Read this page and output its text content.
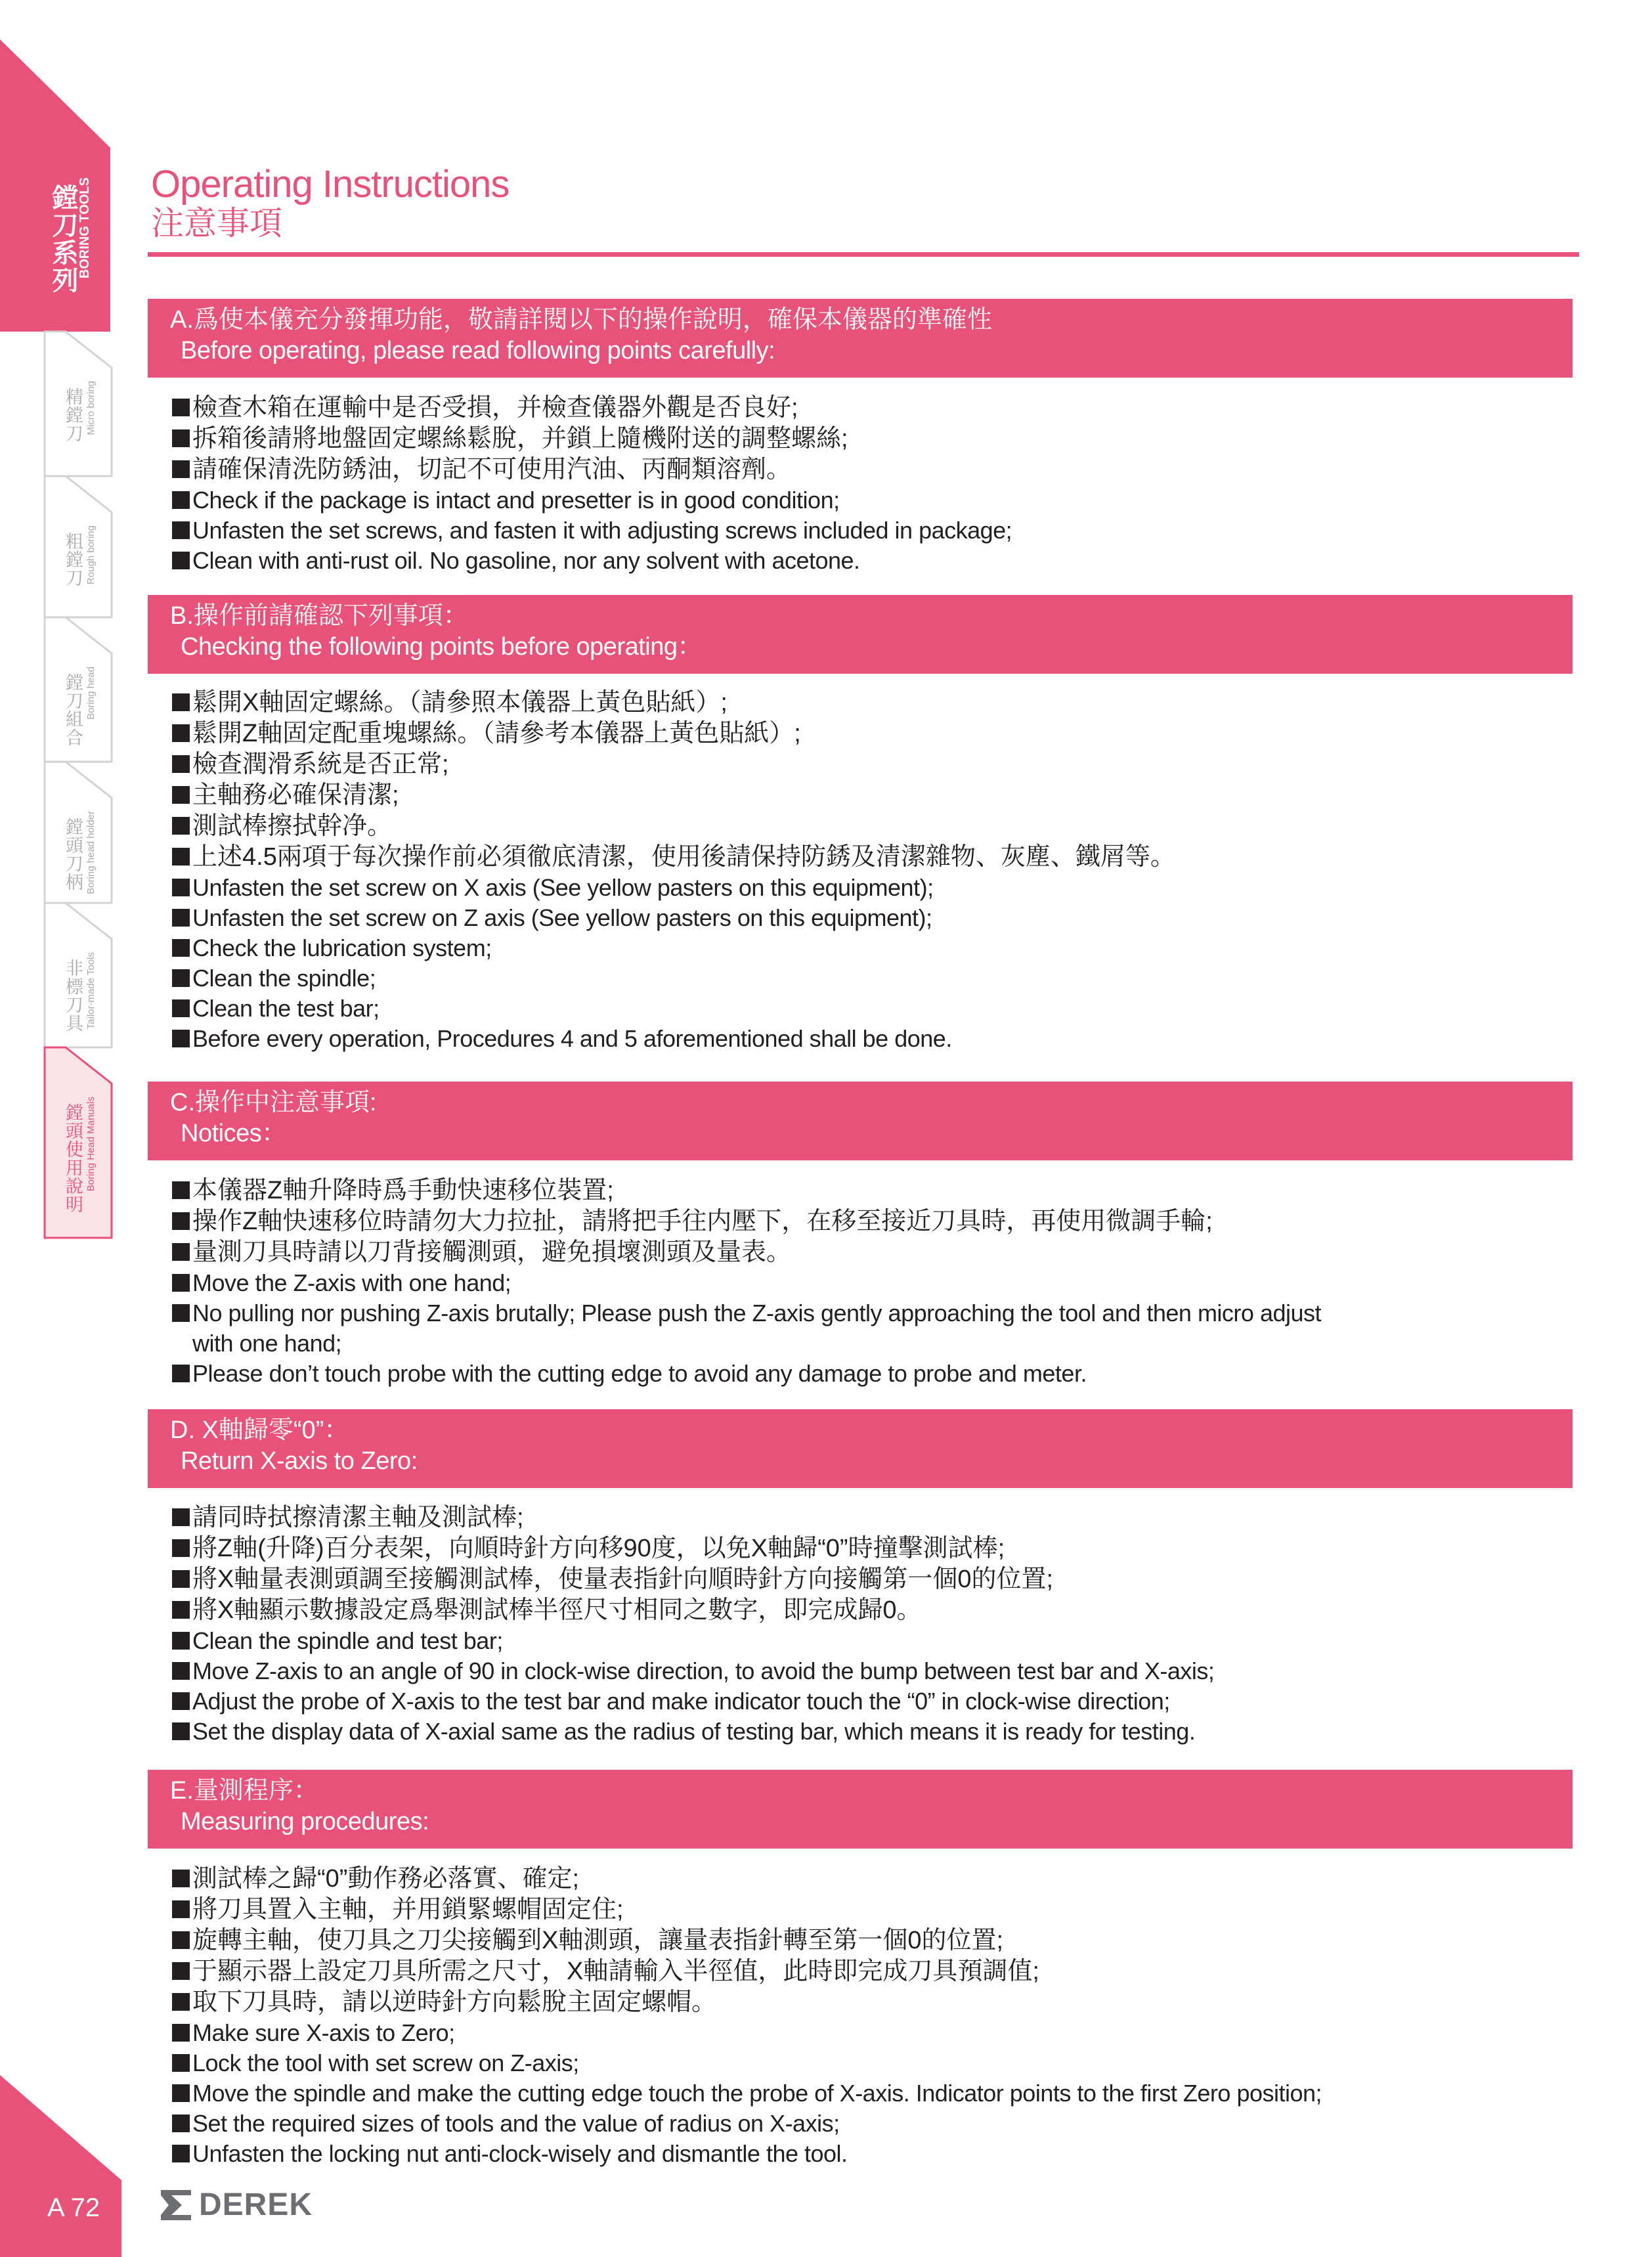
鏜刀系列 BORING TOOLS
精鏜刀 Micro boring
粗鏜刀 Rough boring
鏜刀組合 Boring head
鏜頭刀柄 Boring head holder
非標刀具 Tailor-made Tools
鏜頭使用說明 Boring Head Manuals
Operating Instructions
注意事項
A.爲使本儀充分發揮功能，敬請詳閱以下的操作說明，確保本儀器的準確性
Before operating, please read following points carefully:
檢查木箱在運輸中是否受損，并檢查儀器外觀是否良好;
拆箱後請將地盤固定螺絲鬆脫，并鎖上隨機附送的調整螺絲;
請確保清洗防銹油，切記不可使用汽油、丙酮類溶劑。
Check if the package is intact and presetter is in good condition;
Unfasten the set screws, and fasten it with adjusting screws included in package;
Clean with anti-rust oil. No gasoline, nor any solvent with acetone.
B.操作前請確認下列事項：
Checking the following points before operating：
鬆開X軸固定螺絲。（請參照本儀器上黃色貼紙）;
鬆開Z軸固定配重塊螺絲。（請參考本儀器上黃色貼紙）;
檢查潤滑系統是否正常;
主軸務必確保清潔;
測試棒擦拭幹净。
上述4.5兩項于每次操作前必須徹底清潔，使用後請保持防銹及清潔雜物、灰塵、鐵屑等。
Unfasten the set screw on X axis (See yellow pasters on this equipment);
Unfasten the set screw on Z axis (See yellow pasters on this equipment);
Check the lubrication system;
Clean the spindle;
Clean the test bar;
Before every operation, Procedures 4 and 5 aforementioned shall be done.
C.操作中注意事項:
Notices：
本儀器Z軸升降時爲手動快速移位裝置;
操作Z軸快速移位時請勿大力拉扯，請將把手往内壓下，在移至接近刀具時，再使用微調手輪;
量測刀具時請以刀背接觸測頭，避免損壞測頭及量表。
Move the Z-axis with one hand;
No pulling nor pushing Z-axis brutally; Please push the Z-axis gently approaching the tool and then micro adjust with one hand;
Please don’t touch probe with the cutting edge to avoid any damage to probe and meter.
D. X軸歸零“0”：
Return X-axis to Zero:
請同時拭擦清潔主軸及測試棒;
將Z軸(升降)百分表架，向順時針方向移90度，以免X軸歸“0”時撞擊測試棒;
將X軸量表測頭調至接觸測試棒，使量表指針向順時針方向接觸第一個0的位置;
將X軸顯示數據設定爲舉測試棒半徑尺寸相同之數字，即完成歸0。
Clean the spindle and test bar;
Move Z-axis to an angle of 90 in clock-wise direction, to avoid the bump between test bar and X-axis;
Adjust the probe of X-axis to the test bar and make indicator touch the “0” in clock-wise direction;
Set the display data of X-axial same as the radius of testing bar, which means it is ready for testing.
E.量測程序：
Measuring procedures:
測試棒之歸“0”動作務必落實、確定;
將刀具置入主軸，并用鎖緊螺帽固定住;
旋轉主軸，使刀具之刀尖接觸到X軸測頭，讓量表指針轉至第一個0的位置;
于顯示器上設定刀具所需之尺寸，X軸請輸入半徑值，此時即完成刀具預調值;
取下刀具時，請以逆時針方向鬆脫主固定螺帽。
Make sure X-axis to Zero;
Lock the tool with set screw on Z-axis;
Move the spindle and make the cutting edge touch the probe of X-axis. Indicator points to the first Zero position;
Set the required sizes of tools and the value of radius on X-axis;
Unfasten the locking nut anti-clock-wisely and dismantle the tool.
A 72	DEREK
